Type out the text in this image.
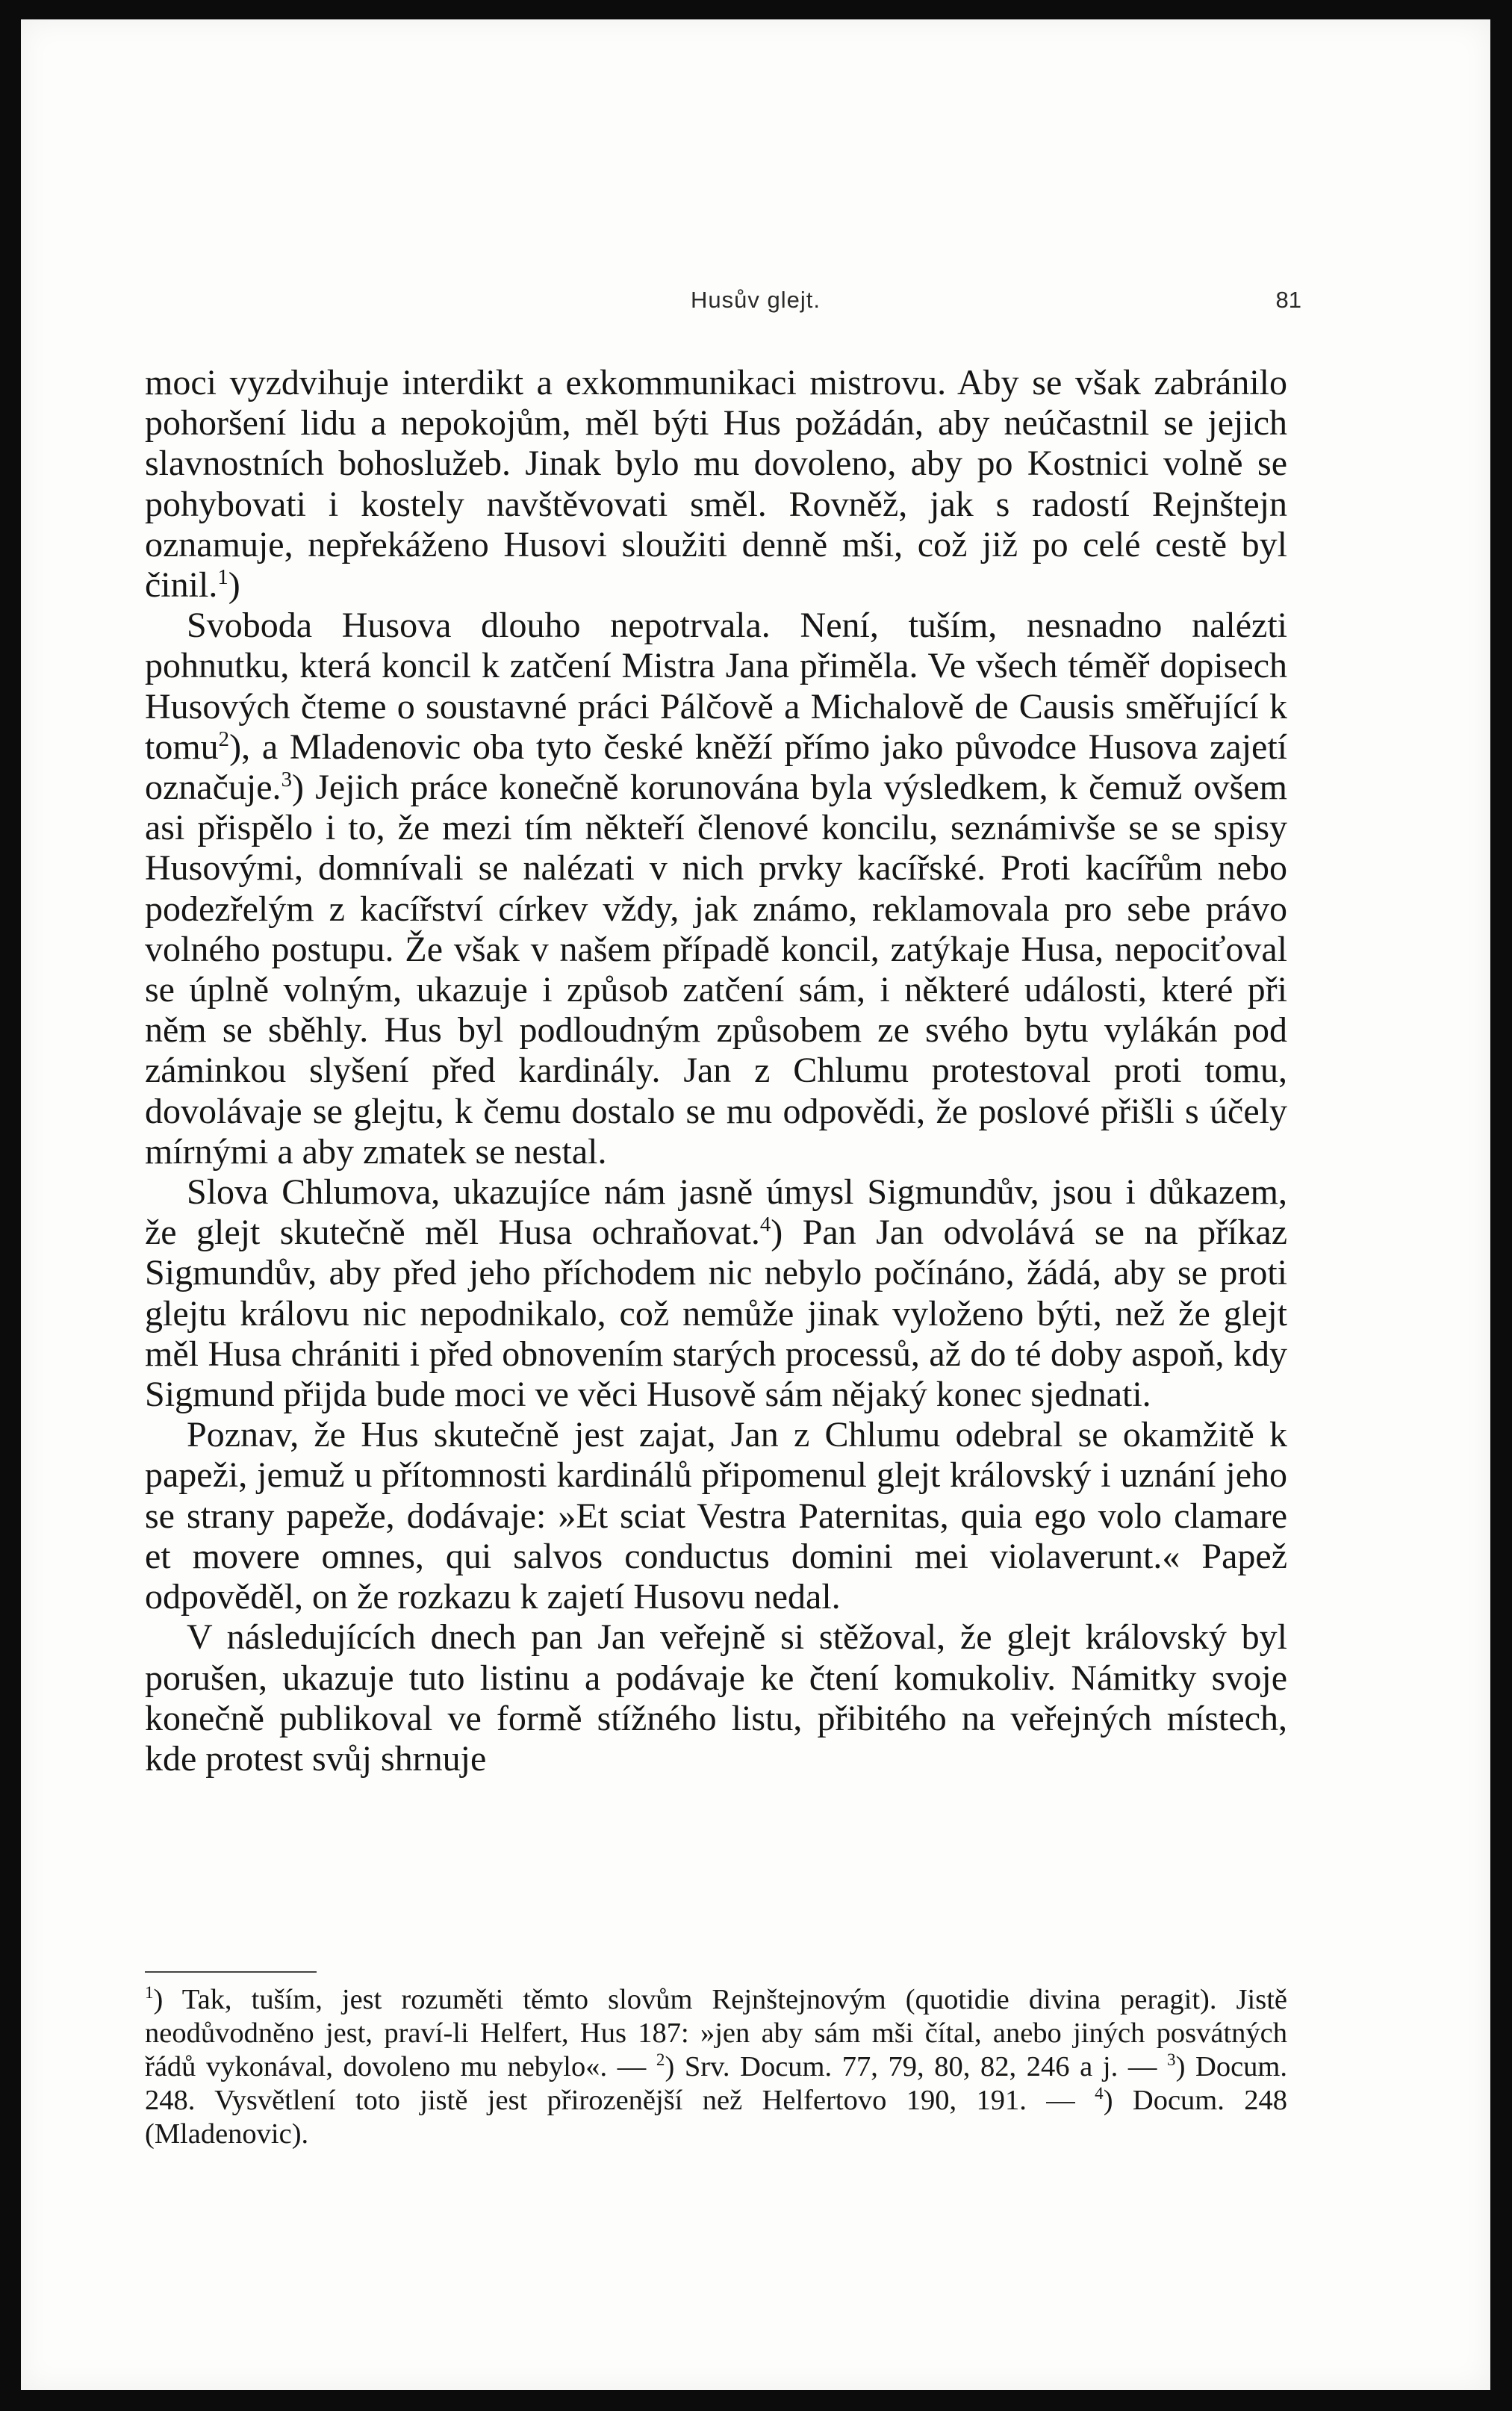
Husův glejt.	81

moci vyzdvihuje interdikt a exkommunikaci mistrovu. Aby se však zabránilo pohoršení lidu a nepokojům, měl býti Hus požádán, aby neúčastnil se jejich slavnostních bohoslužeb. Jinak bylo mu dovoleno, aby po Kostnici volně se pohybovati i kostely navštěvovati směl. Rovněž, jak s radostí Rejnštejn oznamuje, nepřekáženo Husovi sloužiti denně mši, což již po celé cestě byl činil.$^1$)

Svoboda Husova dlouho nepotrvala. Není, tuším, nesnadno nalézti pohnutku, která koncil k zatčení Mistra Jana přiměla. Ve všech téměř dopisech Husových čteme o soustavné práci Pálčově a Michalově de Causis směřující k tomu$^2$), a Mladenovic oba tyto české kněží přímo jako původce Husova zajetí označuje.$^3$) Jejich práce konečně korunována byla výsledkem, k čemuž ovšem asi přispělo i to, že mezi tím někteří členové koncilu, seznámivše se se spisy Husovými, domnívali se nalézati v nich prvky kacířské. Proti kacířům nebo podezřelým z kacířství církev vždy, jak známo, reklamovala pro sebe právo volného postupu. Že však v našem případě koncil, zatýkaje Husa, nepociťoval se úplně volným, ukazuje i způsob zatčení sám, i některé události, které při něm se sběhly. Hus byl podloudným způsobem ze svého bytu vylákán pod záminkou slyšení před kardinály. Jan z Chlumu protestoval proti tomu, dovolávaje se glejtu, k čemu dostalo se mu odpovědi, že poslové přišli s účely mírnými a aby zmatek se nestal.

Slova Chlumova, ukazujíce nám jasně úmysl Sigmundův, jsou i důkazem, že glejt skutečně měl Husa ochraňovat.$^4$) Pan Jan odvolává se na příkaz Sigmundův, aby před jeho příchodem nic nebylo počínáno, žádá, aby se proti glejtu královu nic nepodnikalo, což nemůže jinak vyloženo býti, než že glejt měl Husa chrániti i před obnovením starých processů, až do té doby aspoň, kdy Sigmund přijda bude moci ve věci Husově sám nějaký konec sjednati.

Poznav, že Hus skutečně jest zajat, Jan z Chlumu odebral se okamžitě k papeži, jemuž u přítomnosti kardinálů připomenul glejt královský i uznání jeho se strany papeže, dodávaje: »Et sciat Vestra Paternitas, quia ego volo clamare et movere omnes, qui salvos conductus domini mei violaverunt.« Papež odpověděl, on že rozkazu k zajetí Husovu nedal.

V následujících dnech pan Jan veřejně si stěžoval, že glejt královský byl porušen, ukazuje tuto listinu a podávaje ke čtení komukoliv. Námitky svoje konečně publikoval ve formě stížného listu, přibitého na veřejných místech, kde protest svůj shrnuje

$^1$) Tak, tuším, jest rozuměti těmto slovům Rejnštejnovým (quotidie divina peragit). Jistě neodůvodněno jest, praví-li Helfert, Hus 187: »jen aby sám mši čítal, anebo jiných posvátných řádů vykonával, dovoleno mu nebylo«. — $^2$) Srv. Docum. 77, 79, 80, 82, 246 a j. — $^3$) Docum. 248. Vysvětlení toto jistě jest přirozenější než Helfertovo 190, 191. — $^4$) Docum. 248 (Mladenovic).
